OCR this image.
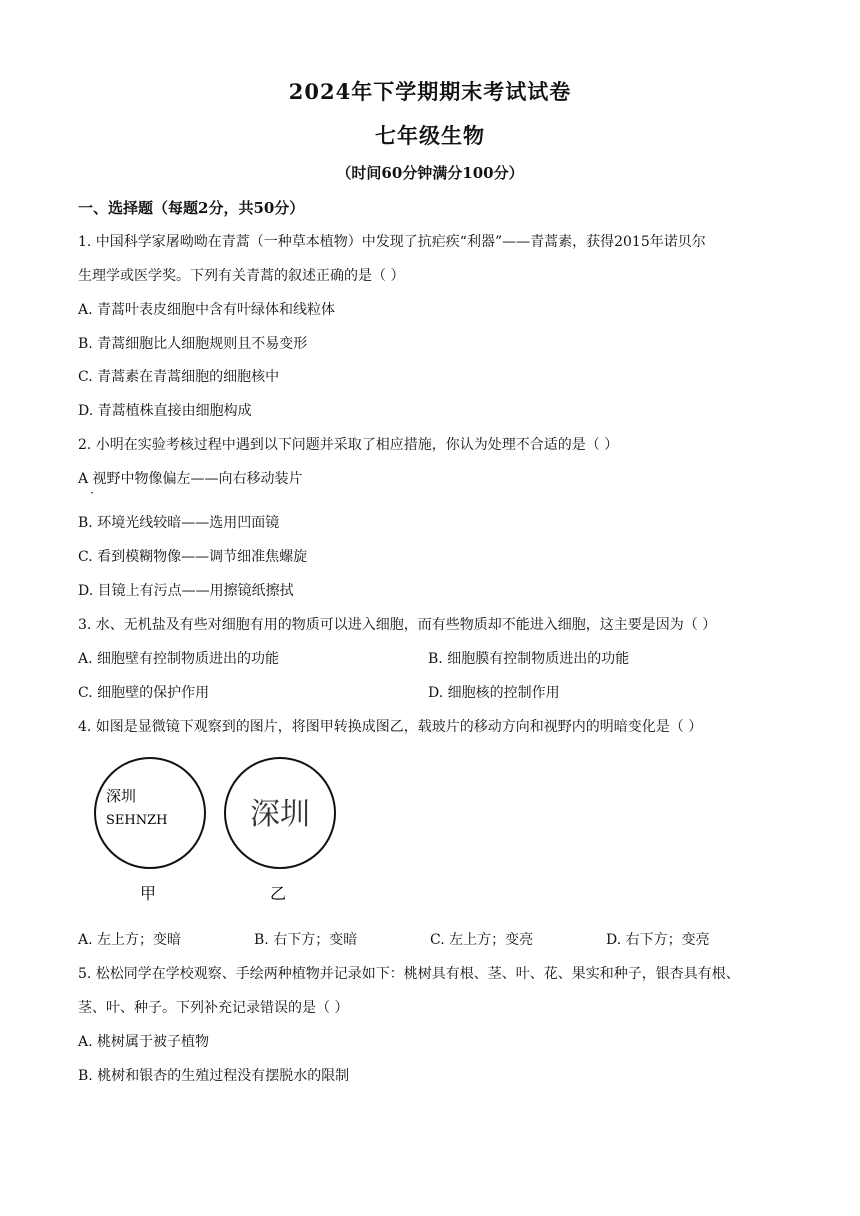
2024年下学期期末考试试卷
七年级生物
（时间60分钟满分100分）
一、选择题（每题2分，共50分）
1. 中国科学家屠呦呦在青蒿（一种草本植物）中发现了抗疟疾“利器”——青蒿素，获得2015年诺贝尔
生理学或医学奖。下列有关青蒿的叙述正确的是（ ）
A. 青蒿叶表皮细胞中含有叶绿体和线粒体
B. 青蒿细胞比人细胞规则且不易变形
C. 青蒿素在青蒿细胞的细胞核中
D. 青蒿植株直接由细胞构成
2. 小明在实验考核过程中遇到以下问题并采取了相应措施，你认为处理不合适的是（ ）
A 视野中物像偏左——向右移动装片
·
B. 环境光线较暗——选用凹面镜
C. 看到模糊物像——调节细准焦螺旋
D. 目镜上有污点——用擦镜纸擦拭
3. 水、无机盐及有些对细胞有用的物质可以进入细胞，而有些物质却不能进入细胞，这主要是因为（ ）
A. 细胞壁有控制物质进出的功能	B. 细胞膜有控制物质进出的功能
C. 细胞壁的保护作用	D. 细胞核的控制作用
4. 如图是显微镜下观察到的图片，将图甲转换成图乙，载玻片的移动方向和视野内的明暗变化是（ ）
深圳
SEHNZH	深圳
甲	乙
A. 左上方；变暗	B. 右下方；变暗	C. 左上方；变亮	D. 右下方；变亮
5. 松松同学在学校观察、手绘两种植物并记录如下：桃树具有根、茎、叶、花、果实和种子，银杏具有根、
茎、叶、种子。下列补充记录错误的是（ ）
A. 桃树属于被子植物
B. 桃树和银杏的生殖过程没有摆脱水的限制
